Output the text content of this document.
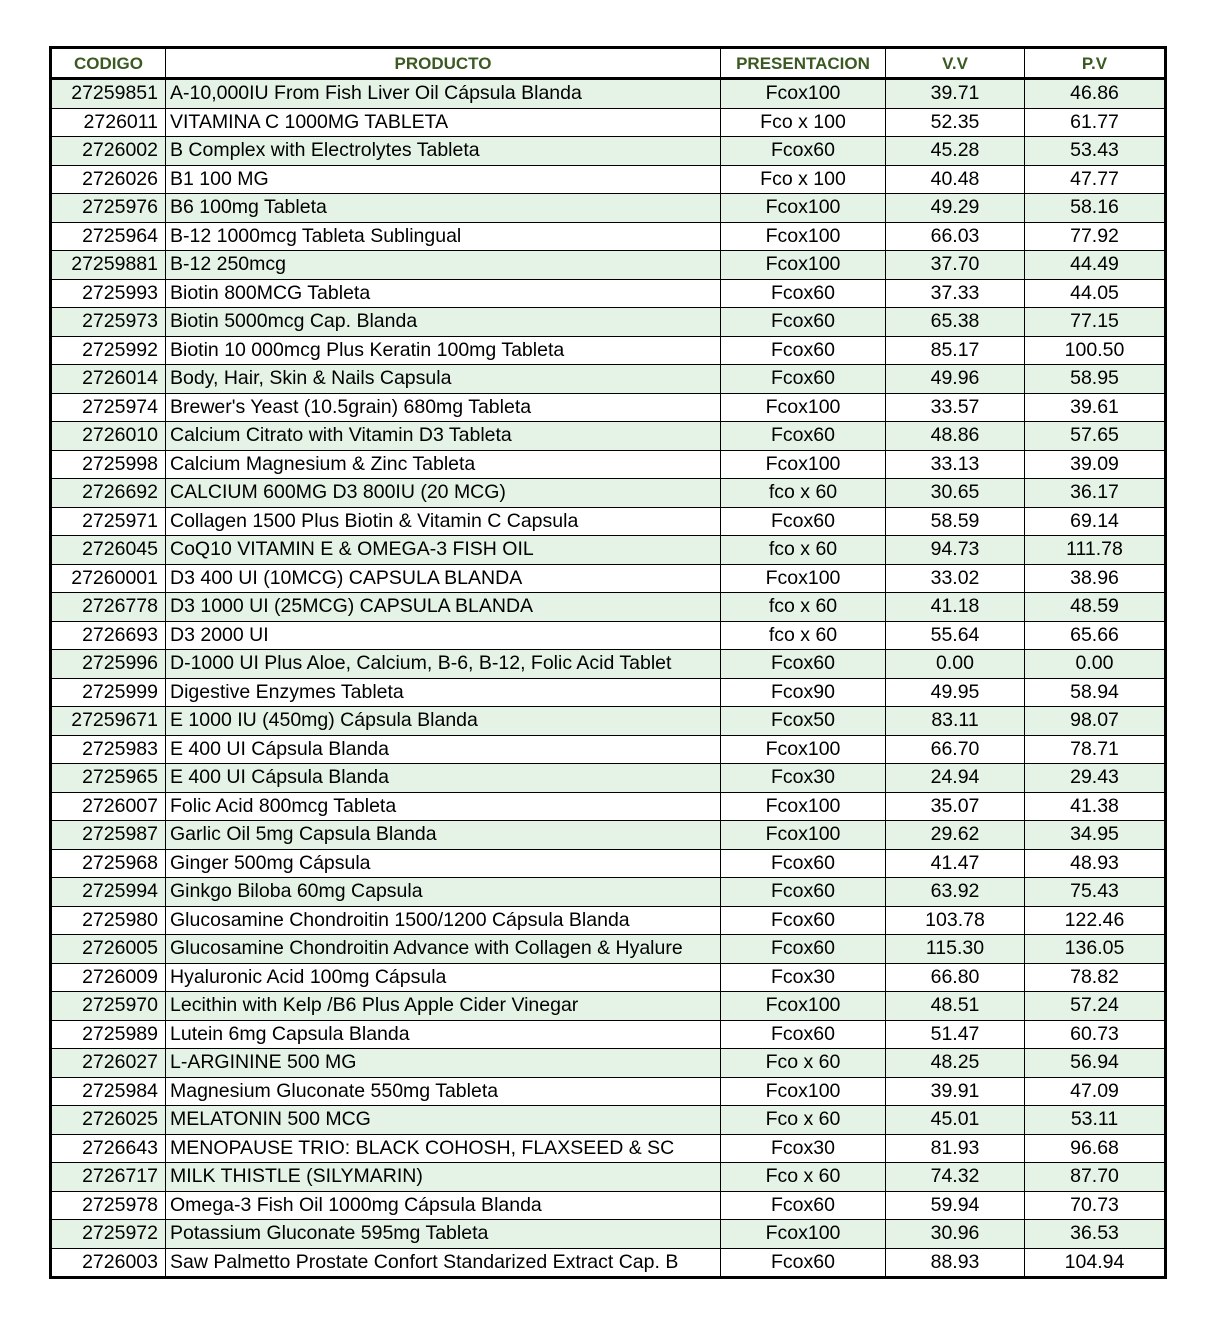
CODIGO	PRODUCTO	PRESENTACION	V.V	P.V
27259851	A-10,000IU From Fish Liver Oil Cápsula Blanda	Fcox100	39.71	46.86
2726011	VITAMINA C 1000MG TABLETA	Fco x 100	52.35	61.77
2726002	B Complex with Electrolytes Tableta	Fcox60	45.28	53.43
2726026	B1 100 MG	Fco x 100	40.48	47.77
2725976	B6 100mg Tableta	Fcox100	49.29	58.16
2725964	B-12 1000mcg Tableta Sublingual	Fcox100	66.03	77.92
27259881	B-12 250mcg	Fcox100	37.70	44.49
2725993	Biotin 800MCG Tableta	Fcox60	37.33	44.05
2725973	Biotin 5000mcg Cap. Blanda	Fcox60	65.38	77.15
2725992	Biotin 10 000mcg Plus Keratin 100mg Tableta	Fcox60	85.17	100.50
2726014	Body, Hair, Skin & Nails Capsula	Fcox60	49.96	58.95
2725974	Brewer's Yeast (10.5grain) 680mg Tableta	Fcox100	33.57	39.61
2726010	Calcium Citrato with Vitamin D3 Tableta	Fcox60	48.86	57.65
2725998	Calcium Magnesium & Zinc Tableta	Fcox100	33.13	39.09
2726692	CALCIUM 600MG D3 800IU (20 MCG)	fco x 60	30.65	36.17
2725971	Collagen 1500 Plus Biotin & Vitamin C Capsula	Fcox60	58.59	69.14
2726045	CoQ10 VITAMIN E & OMEGA-3 FISH OIL	fco x 60	94.73	111.78
27260001	D3 400 UI (10MCG) CAPSULA BLANDA	Fcox100	33.02	38.96
2726778	D3 1000 UI (25MCG) CAPSULA BLANDA	fco x 60	41.18	48.59
2726693	D3 2000 UI	fco x 60	55.64	65.66
2725996	D-1000 UI Plus Aloe, Calcium, B-6, B-12, Folic Acid Tablet	Fcox60	0.00	0.00
2725999	Digestive Enzymes Tableta	Fcox90	49.95	58.94
27259671	E 1000 IU (450mg) Cápsula Blanda	Fcox50	83.11	98.07
2725983	E 400 UI Cápsula Blanda	Fcox100	66.70	78.71
2725965	E 400 UI Cápsula Blanda	Fcox30	24.94	29.43
2726007	Folic Acid 800mcg Tableta	Fcox100	35.07	41.38
2725987	Garlic Oil 5mg Capsula Blanda	Fcox100	29.62	34.95
2725968	Ginger 500mg Cápsula	Fcox60	41.47	48.93
2725994	Ginkgo Biloba 60mg Capsula	Fcox60	63.92	75.43
2725980	Glucosamine Chondroitin 1500/1200 Cápsula Blanda	Fcox60	103.78	122.46
2726005	Glucosamine Chondroitin Advance with Collagen & Hyalure	Fcox60	115.30	136.05
2726009	Hyaluronic Acid 100mg Cápsula	Fcox30	66.80	78.82
2725970	Lecithin with Kelp /B6 Plus Apple Cider Vinegar	Fcox100	48.51	57.24
2725989	Lutein 6mg Capsula Blanda	Fcox60	51.47	60.73
2726027	L-ARGININE 500 MG	Fco x 60	48.25	56.94
2725984	Magnesium Gluconate 550mg Tableta	Fcox100	39.91	47.09
2726025	MELATONIN 500 MCG	Fco x 60	45.01	53.11
2726643	MENOPAUSE TRIO: BLACK COHOSH, FLAXSEED & SC	Fcox30	81.93	96.68
2726717	MILK THISTLE (SILYMARIN)	Fco x 60	74.32	87.70
2725978	Omega-3 Fish Oil 1000mg Cápsula Blanda	Fcox60	59.94	70.73
2725972	Potassium Gluconate 595mg Tableta	Fcox100	30.96	36.53
2726003	Saw Palmetto Prostate Confort Standarized Extract Cap. B	Fcox60	88.93	104.94
